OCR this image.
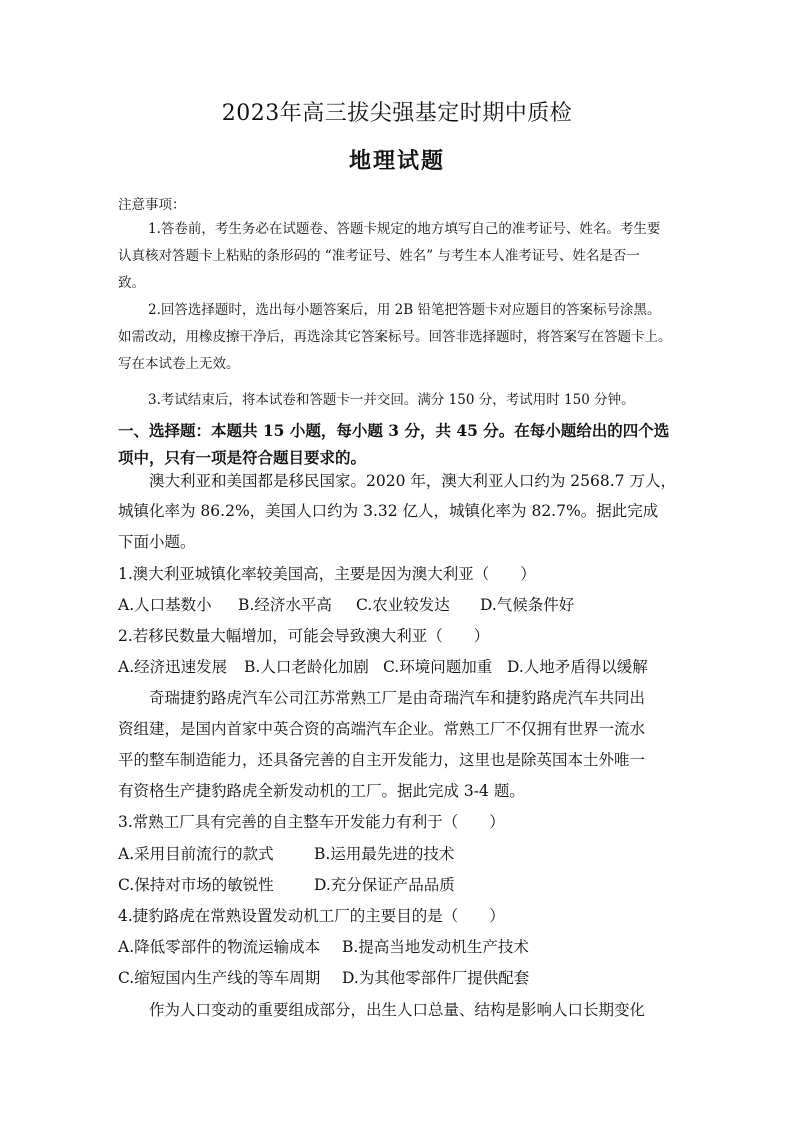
2023年高三拔尖强基定时期中质检
地理试题
注意事项：
1.答卷前，考生务必在试题卷、答题卡规定的地方填写自己的准考证号、姓名。考生要
认真核对答题卡上粘贴的条形码的 “准考证号、姓名” 与考生本人准考证号、姓名是否一
致。
2.回答选择题时，选出每小题答案后，用 2B 铅笔把答题卡对应题目的答案标号涂黑。
如需改动，用橡皮擦干净后，再选涂其它答案标号。回答非选择题时，将答案写在答题卡上。
写在本试卷上无效。
3.考试结束后，将本试卷和答题卡一并交回。满分 150 分，考试用时 150 分钟。
一、选择题：本题共 15 小题，每小题 3 分，共 45 分。在每小题给出的四个选
项中，只有一项是符合题目要求的。
澳大利亚和美国都是移民国家。2020 年，澳大利亚人口约为 2568.7 万人，
城镇化率为 86.2%，美国人口约为 3.32 亿人，城镇化率为 82.7%。据此完成
下面小题。
1.澳大利亚城镇化率较美国高，主要是因为澳大利亚（　　）
A.人口基数小 B.经济水平高 C.农业较发达 D.气候条件好
2.若移民数量大幅增加，可能会导致澳大利亚（　　）
A.经济迅速发展 B.人口老龄化加剧 C.环境问题加重 D.人地矛盾得以缓解
奇瑞捷豹路虎汽车公司江苏常熟工厂是由奇瑞汽车和捷豹路虎汽车共同出
资组建，是国内首家中英合资的高端汽车企业。常熟工厂不仅拥有世界一流水
平的整车制造能力，还具备完善的自主开发能力，这里也是除英国本土外唯一
有资格生产捷豹路虎全新发动机的工厂。据此完成 3-4 题。
3.常熟工厂具有完善的自主整车开发能力有利于（　　）
A.采用目前流行的款式	B.运用最先进的技术
C.保持对市场的敏锐性	D.充分保证产品品质
4.捷豹路虎在常熟设置发动机工厂的主要目的是（　　）
A.降低零部件的物流运输成本 B.提高当地发动机生产技术
C.缩短国内生产线的等车周期 D.为其他零部件厂提供配套
作为人口变动的重要组成部分，出生人口总量、结构是影响人口长期变化
